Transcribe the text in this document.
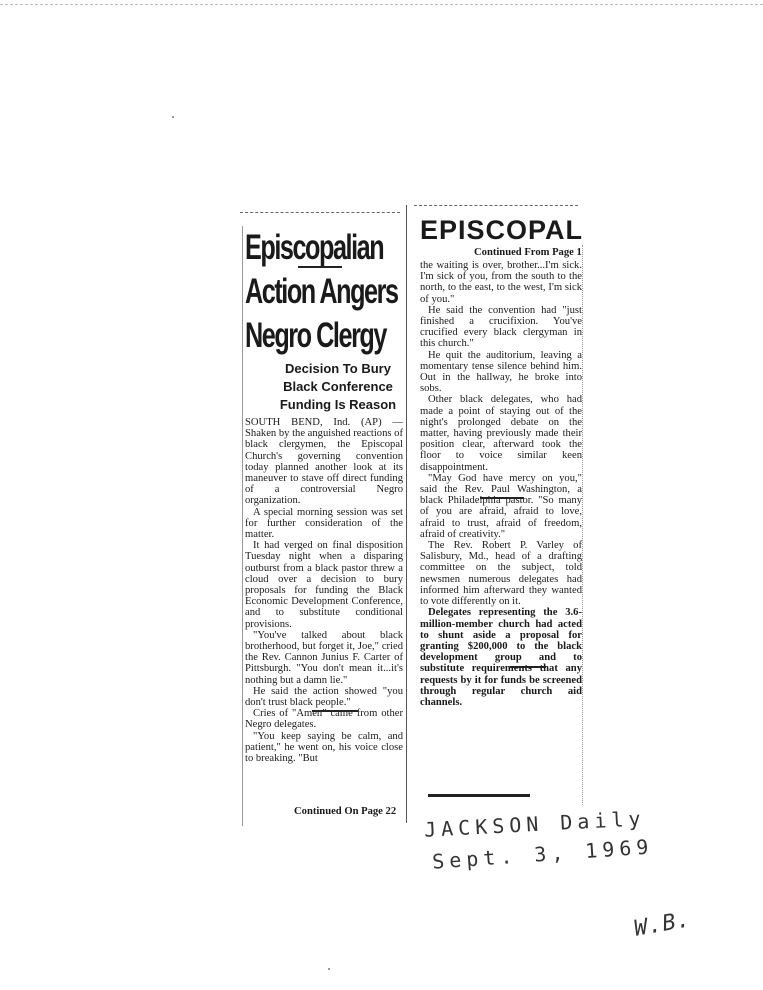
Episcopalian
Action Angers
Negro Clergy
Decision To Bury
Black Conference
Funding Is Reason

SOUTH BEND, Ind. (AP) — Shaken by the anguished reactions of black clergymen, the Episcopal Church's governing convention today planned another look at its maneuver to stave off direct funding of a controversial Negro organization.

A special morning session was set for further consideration of the matter.

It had verged on final disposition Tuesday night when a disparing outburst from a black pastor threw a cloud over a decision to bury proposals for funding the Black Economic Development Conference, and to substitute conditional provisions.

"You've talked about black brotherhood, but forget it, Joe," cried the Rev. Cannon Junius F. Carter of Pittsburgh. "You don't mean it...it's nothing but a damn lie."

He said the action showed "you don't trust black people."

Cries of "Amen" came from other Negro delegates.

"You keep saying be calm, and patient," he went on, his voice close to breaking. "But

Continued On Page 22

EPISCOPAL

Continued From Page 1

the waiting is over, brother...I'm sick. I'm sick of you, from the south to the north, to the east, to the west, I'm sick of you."

He said the convention had "just finished a crucifixion. You've crucified every black clergyman in this church."

He quit the auditorium, leaving a momentary tense silence behind him. Out in the hallway, he broke into sobs.

Other black delegates, who had made a point of staying out of the night's prolonged debate on the matter, having previously made their position clear, afterward took the floor to voice similar keen disappointment.

"May God have mercy on you," said the Rev. Paul Washington, a black Philadelphia pastor. "So many of you are afraid, afraid to love, afraid to trust, afraid of freedom, afraid of creativity."

The Rev. Robert P. Varley of Salisbury, Md., head of a drafting committee on the subject, told newsmen numerous delegates had informed him afterward they wanted to vote differently on it.

Delegates representing the 3.6-million-member church had acted to shunt aside a proposal for granting $200,000 to the black development group and to substitute requirements that any requests by it for funds be screened through regular church aid channels.

JACKSON Daily

Sept. 3, 1969

W.B.
